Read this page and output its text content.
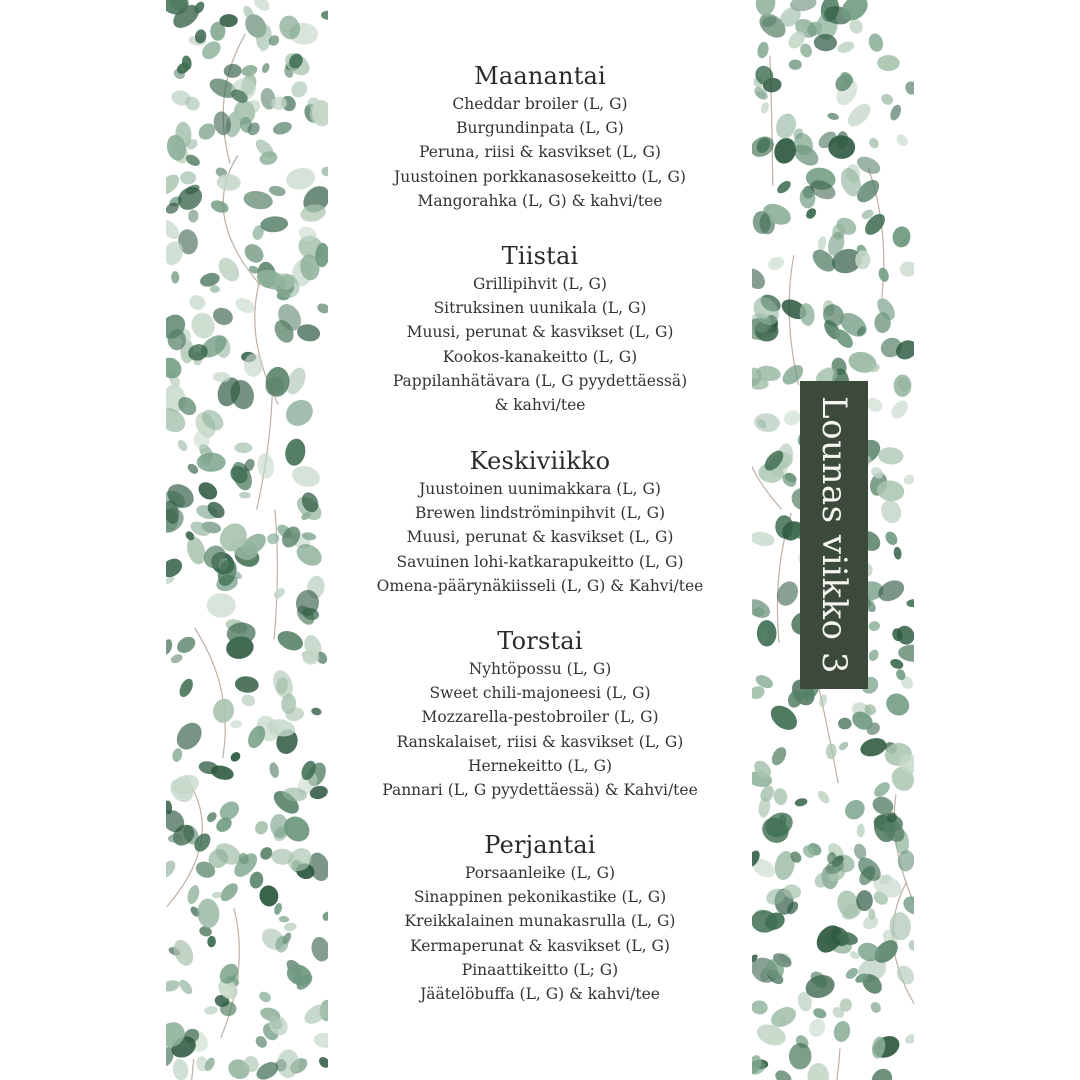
Maanantai
Cheddar broiler (L, G)
Burgundinpata (L, G)
Peruna, riisi & kasvikset (L, G)
Juustoinen porkkanasosekeitto (L, G)
Mangorahka (L, G) & kahvi/tee
Tiistai
Grillipihvit (L, G)
Sitruksinen uunikala (L, G)
Muusi, perunat & kasvikset (L, G)
Kookos-kanakeitto (L, G)
Pappilanhätävara (L, G pyydettäessä)
& kahvi/tee
Keskiviikko
Juustoinen uunimakkara (L, G)
Brewen lindströminpihvit (L, G)
Muusi, perunat & kasvikset (L, G)
Savuinen lohi-katkarapukeitto (L, G)
Omena-päärynäkiisseli (L, G) & Kahvi/tee
Torstai
Nyhtöpossu (L, G)
Sweet chili-majoneesi (L, G)
Mozzarella-pestobroiler (L, G)
Ranskalaiset, riisi & kasvikset (L, G)
Hernekeitto (L, G)
Pannari (L, G pyydettäessä) & Kahvi/tee
Perjantai
Porsaanleike (L, G)
Sinappinen pekonikastike (L, G)
Kreikkalainen munakasrulla (L, G)
Kermaperunat & kasvikset (L, G)
Pinaattikeitto (L; G)
Jäätelöbuffa (L, G) & kahvi/tee
Lounas viikko 3
